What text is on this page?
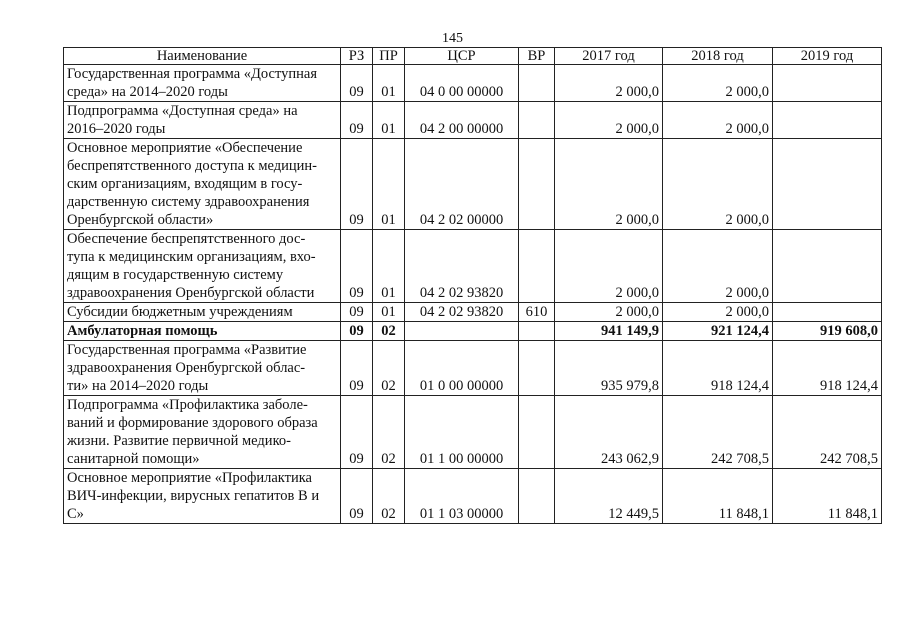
145
Наименование	РЗ	ПР	ЦСР	ВР	2017 год	2018 год	2019 год

Государственная программа «Доступная
среда» на 2014–2020 годы	09	01	04 0 00 00000		2 000,0	2 000,0	

Подпрограмма «Доступная среда» на
2016–2020 годы	09	01	04 2 00 00000		2 000,0	2 000,0	

Основное мероприятие «Обеспечение
беспрепятственного доступа к медицин-
ским организациям, входящим в госу-
дарственную систему здравоохранения
Оренбургской области»	09	01	04 2 02 00000		2 000,0	2 000,0	

Обеспечение беспрепятственного дос-
тупа к медицинским организациям, вхо-
дящим в государственную систему
здравоохранения Оренбургской области	09	01	04 2 02 93820		2 000,0	2 000,0	

Субсидии бюджетным учреждениям	09	01	04 2 02 93820	610	2 000,0	2 000,0	

Амбулаторная помощь	09	02			941 149,9	921 124,4	919 608,0

Государственная программа «Развитие
здравоохранения Оренбургской облас-
ти» на 2014–2020 годы	09	02	01 0 00 00000		935 979,8	918 124,4	918 124,4

Подпрограмма «Профилактика заболе-
ваний и формирование здорового образа
жизни. Развитие первичной медико-
санитарной помощи»	09	02	01 1 00 00000		243 062,9	242 708,5	242 708,5

Основное мероприятие «Профилактика
ВИЧ-инфекции, вирусных гепатитов В и
С»	09	02	01 1 03 00000		12 449,5	11 848,1	11 848,1
